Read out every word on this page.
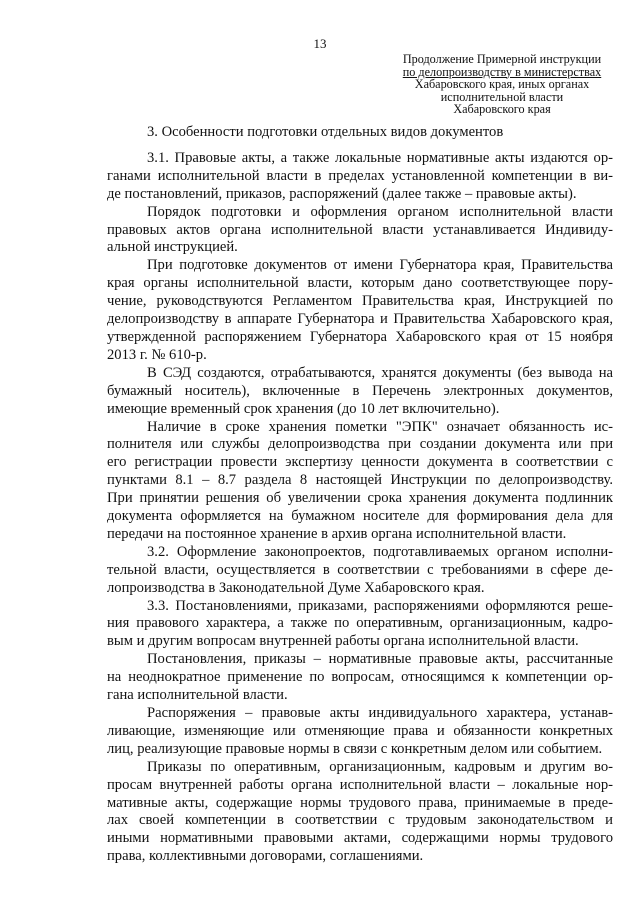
13
Продолжение Примерной инструкции
по делопроизводству в министерствах
Хабаровского края, иных органах
исполнительной власти
Хабаровского края

3. Особенности подготовки отдельных видов документов

3.1. Правовые акты, а также локальные нормативные акты издаются ор-
ганами исполнительной власти в пределах установленной компетенции в ви-
де постановлений, приказов, распоряжений (далее также – правовые акты).

Порядок подготовки и оформления органом исполнительной власти
правовых актов органа исполнительной власти устанавливается Индивиду-
альной инструкцией.

При подготовке документов от имени Губернатора края, Правительства
края органы исполнительной власти, которым дано соответствующее пору-
чение, руководствуются Регламентом Правительства края, Инструкцией по
делопроизводству в аппарате Губернатора и Правительства Хабаровского края,
утвержденной распоряжением Губернатора Хабаровского края от 15 ноября
2013 г. № 610-р.

В СЭД создаются, отрабатываются, хранятся документы (без вывода на
бумажный носитель), включенные в Перечень электронных документов,
имеющие временный срок хранения (до 10 лет включительно).

Наличие в сроке хранения пометки "ЭПК" означает обязанность ис-
полнителя или службы делопроизводства при создании документа или при
его регистрации провести экспертизу ценности документа в соответствии с
пунктами 8.1 – 8.7 раздела 8 настоящей Инструкции по делопроизводству.
При принятии решения об увеличении срока хранения документа подлинник
документа оформляется на бумажном носителе для формирования дела для
передачи на постоянное хранение в архив органа исполнительной власти.

3.2. Оформление законопроектов, подготавливаемых органом исполни-
тельной власти, осуществляется в соответствии с требованиями в сфере де-
лопроизводства в Законодательной Думе Хабаровского края.

3.3. Постановлениями, приказами, распоряжениями оформляются реше-
ния правового характера, а также по оперативным, организационным, кадро-
вым и другим вопросам внутренней работы органа исполнительной власти.

Постановления, приказы – нормативные правовые акты, рассчитанные
на неоднократное применение по вопросам, относящимся к компетенции ор-
гана исполнительной власти.

Распоряжения – правовые акты индивидуального характера, устанав-
ливающие, изменяющие или отменяющие права и обязанности конкретных
лиц, реализующие правовые нормы в связи с конкретным делом или событием.

Приказы по оперативным, организационным, кадровым и другим во-
просам внутренней работы органа исполнительной власти – локальные нор-
мативные акты, содержащие нормы трудового права, принимаемые в преде-
лах своей компетенции в соответствии с трудовым законодательством и
иными нормативными правовыми актами, содержащими нормы трудового
права, коллективными договорами, соглашениями.
